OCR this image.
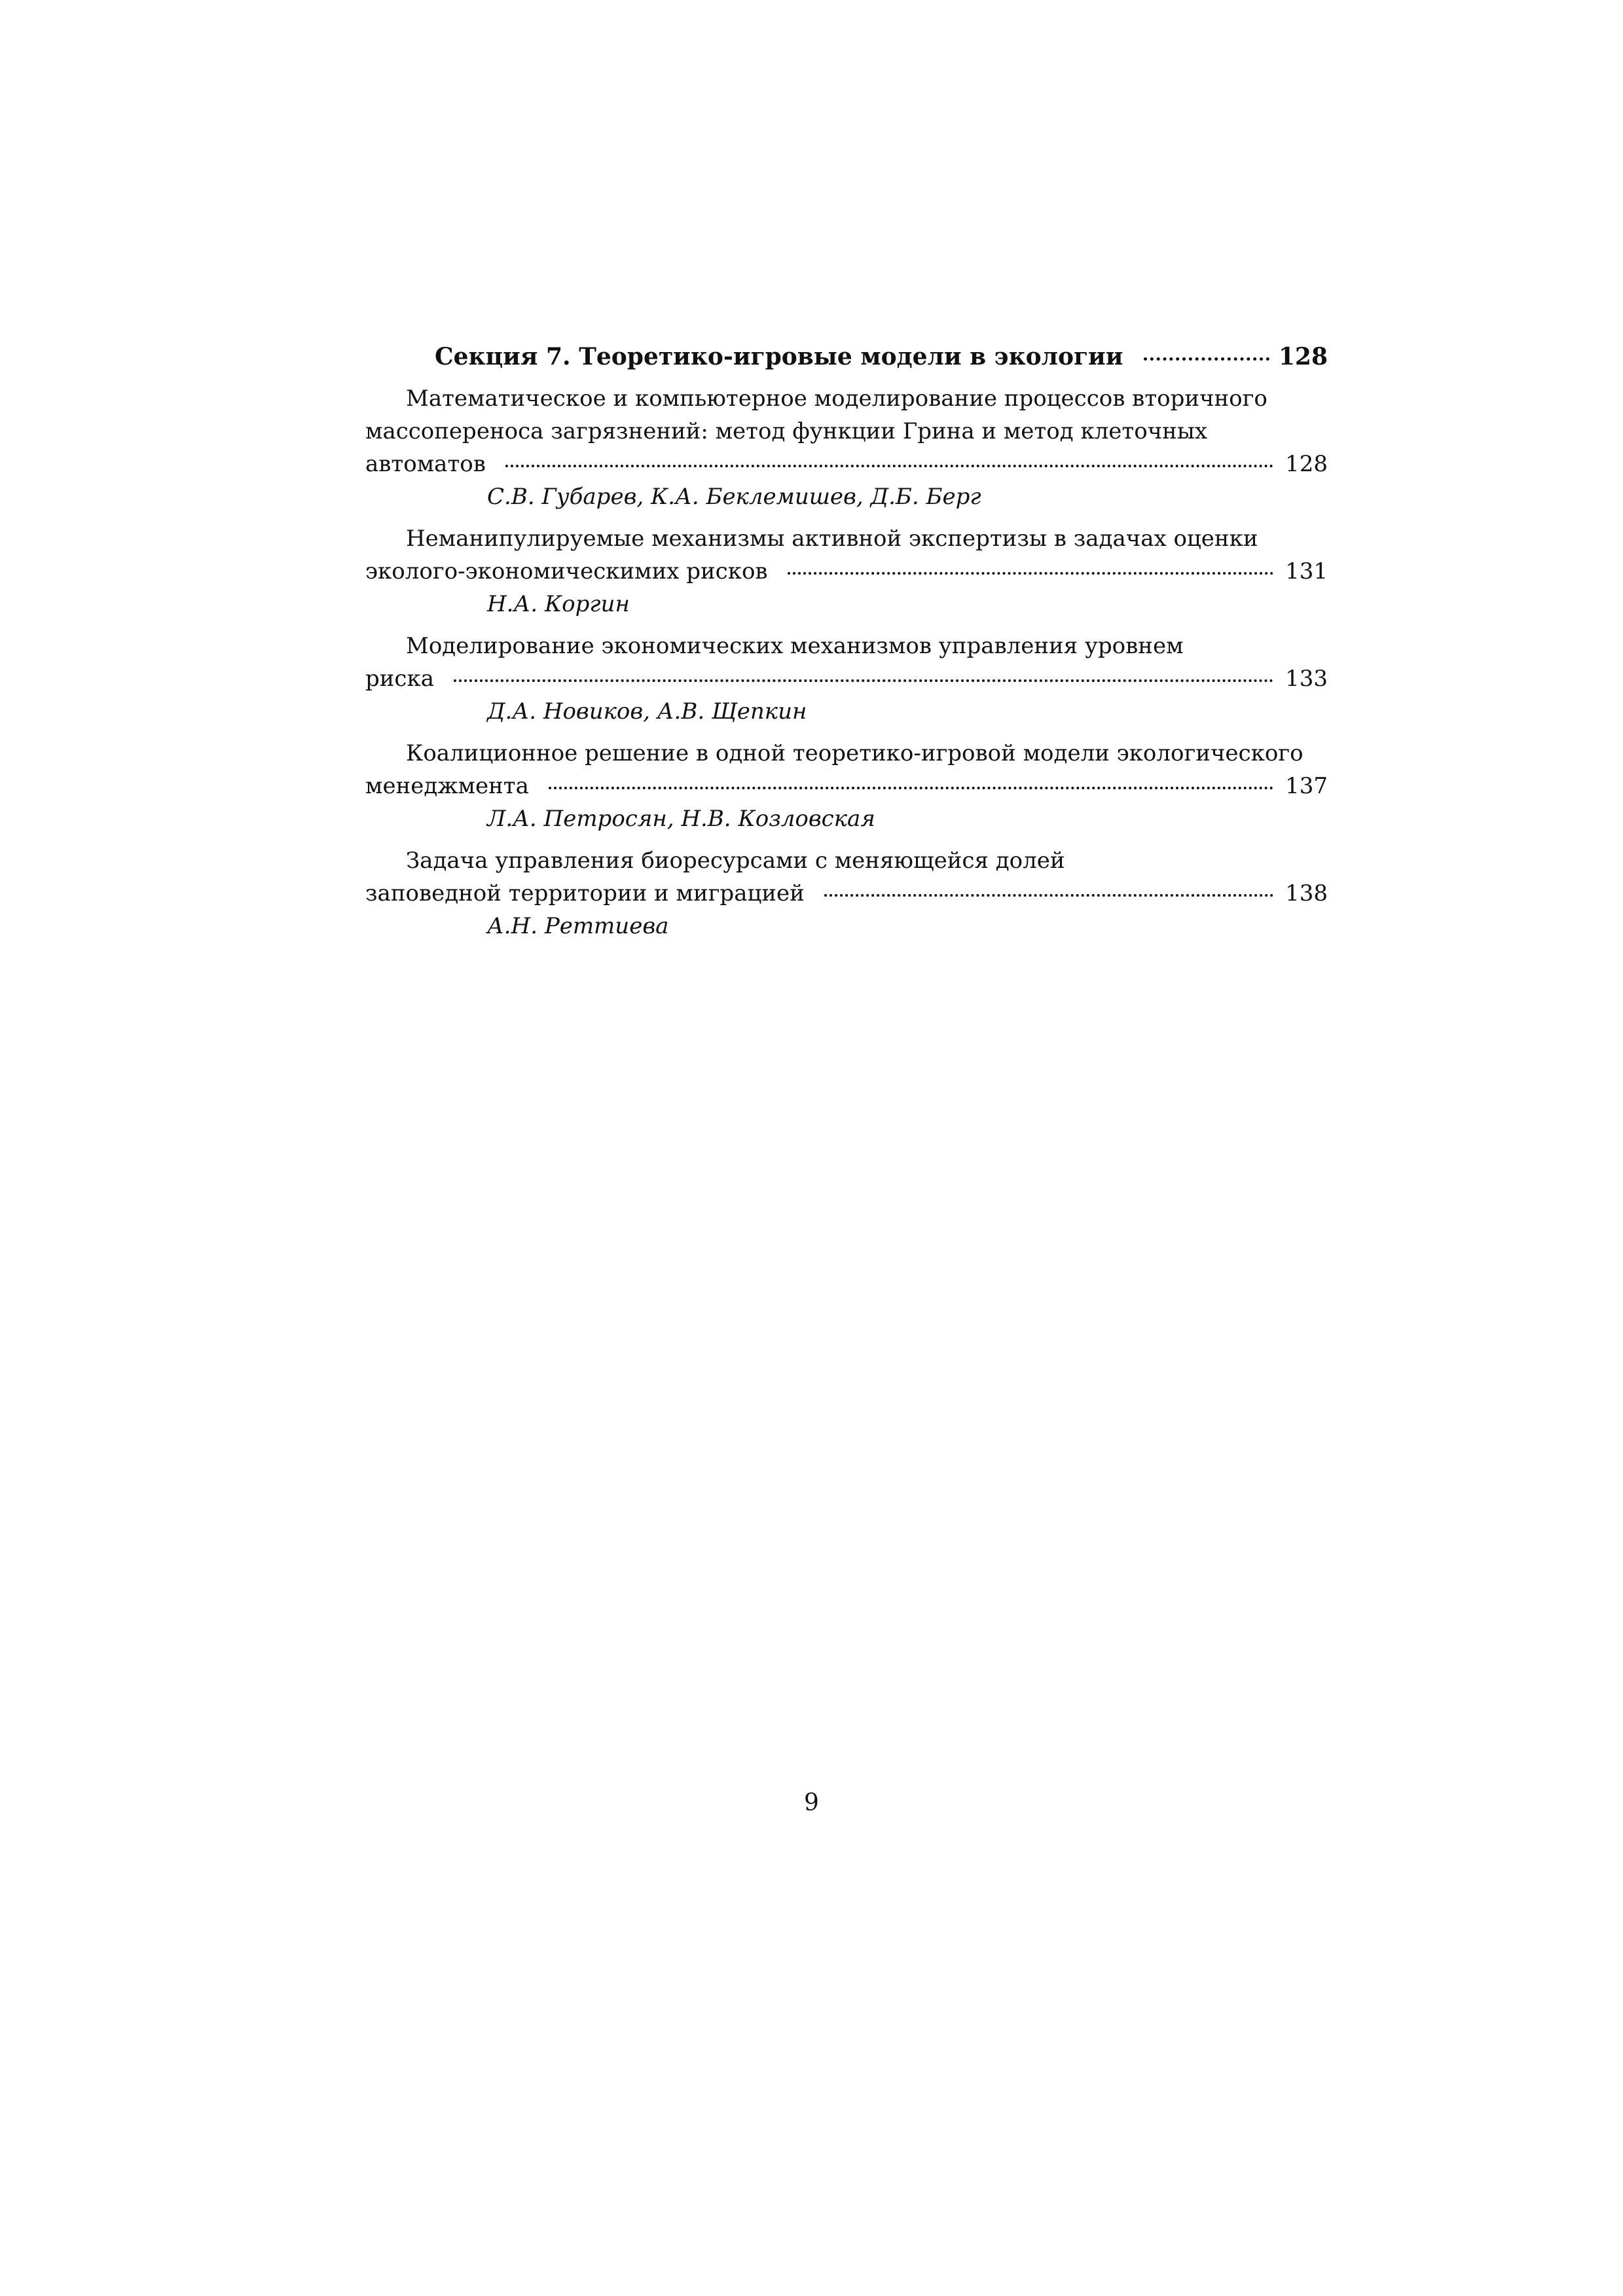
Секция 7. Теоретико-игровые модели в экологии	128
Математическое и компьютерное моделирование процессов вторичного
массопереноса загрязнений: метод функции Грина и метод клеточных
автоматов	128
С.В. Губарев, К.А. Беклемишев, Д.Б. Берг
Неманипулируемые механизмы активной экспертизы в задачах оценки
эколого-экономическимих рисков	131
Н.А. Коргин
Моделирование экономических механизмов управления уровнем
риска	133
Д.А. Новиков, А.В. Щепкин
Коалиционное решение в одной теоретико-игровой модели экологического
менеджмента	137
Л.А. Петросян, Н.В. Козловская
Задача управления биоресурсами с меняющейся долей
заповедной территории и миграцией	138
А.Н. Реттиева
9
